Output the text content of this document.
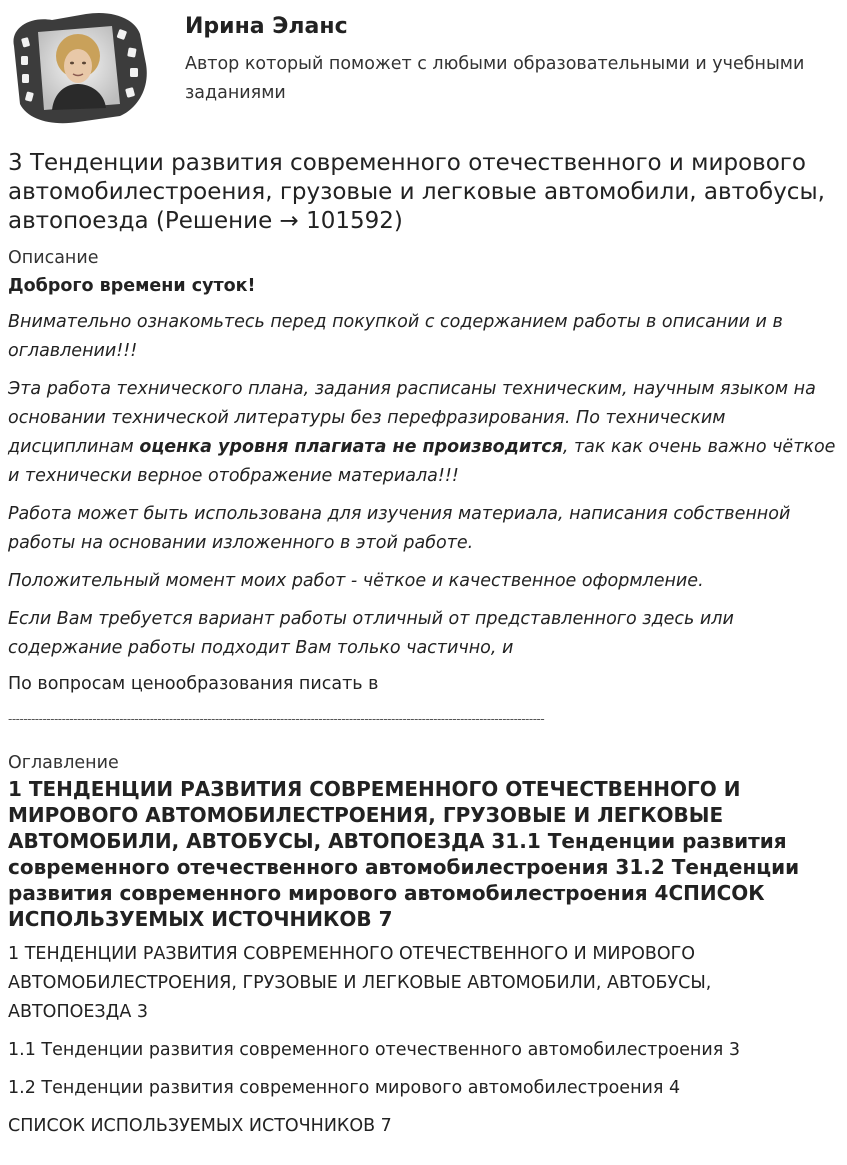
Ирина Эланс
Автор который поможет с любыми образовательными и учебными заданиями
3 Тенденции развития современного отечественного и мирового автомобилестроения, грузовые и легковые автомобили, автобусы, автопоезда (Решение → 101592)
Описание
Доброго времени суток!

Внимательно ознакомьтесь перед покупкой с содержанием работы в описании и в оглавлении!!!

Эта работа технического плана, задания расписаны техническим, научным языком на основании технической литературы без перефразирования. По техническим дисциплинам оценка уровня плагиата не производится, так как очень важно чёткое и технически верное отображение материала!!!

Работа может быть использована для изучения материала, написания собственной работы на основании изложенного в этой работе.

Положительный момент моих работ - чёткое и качественное оформление.

Если Вам требуется вариант работы отличный от представленного здесь или содержание работы подходит Вам только частично, и

По вопросам ценообразования писать в

--------------------------------------------------------------------------------------------------------------------------------------------
Оглавление
1 ТЕНДЕНЦИИ РАЗВИТИЯ СОВРЕМЕННОГО ОТЕЧЕСТВЕННОГО И МИРОВОГО АВТОМОБИЛЕСТРОЕНИЯ, ГРУЗОВЫЕ И ЛЕГКОВЫЕ АВТОМОБИЛИ, АВТОБУСЫ, АВТОПОЕЗДА 31.1 Тенденции развития современного отечественного автомобилестроения 31.2 Тенденции развития современного мирового автомобилестроения 4СПИСОК ИСПОЛЬЗУЕМЫХ ИСТОЧНИКОВ 7

1 ТЕНДЕНЦИИ РАЗВИТИЯ СОВРЕМЕННОГО ОТЕЧЕСТВЕННОГО И МИРОВОГО АВТОМОБИЛЕСТРОЕНИЯ, ГРУЗОВЫЕ И ЛЕГКОВЫЕ АВТОМОБИЛИ, АВТОБУСЫ, АВТОПОЕЗДА 3

1.1 Тенденции развития современного отечественного автомобилестроения 3

1.2 Тенденции развития современного мирового автомобилестроения 4

СПИСОК ИСПОЛЬЗУЕМЫХ ИСТОЧНИКОВ 7
